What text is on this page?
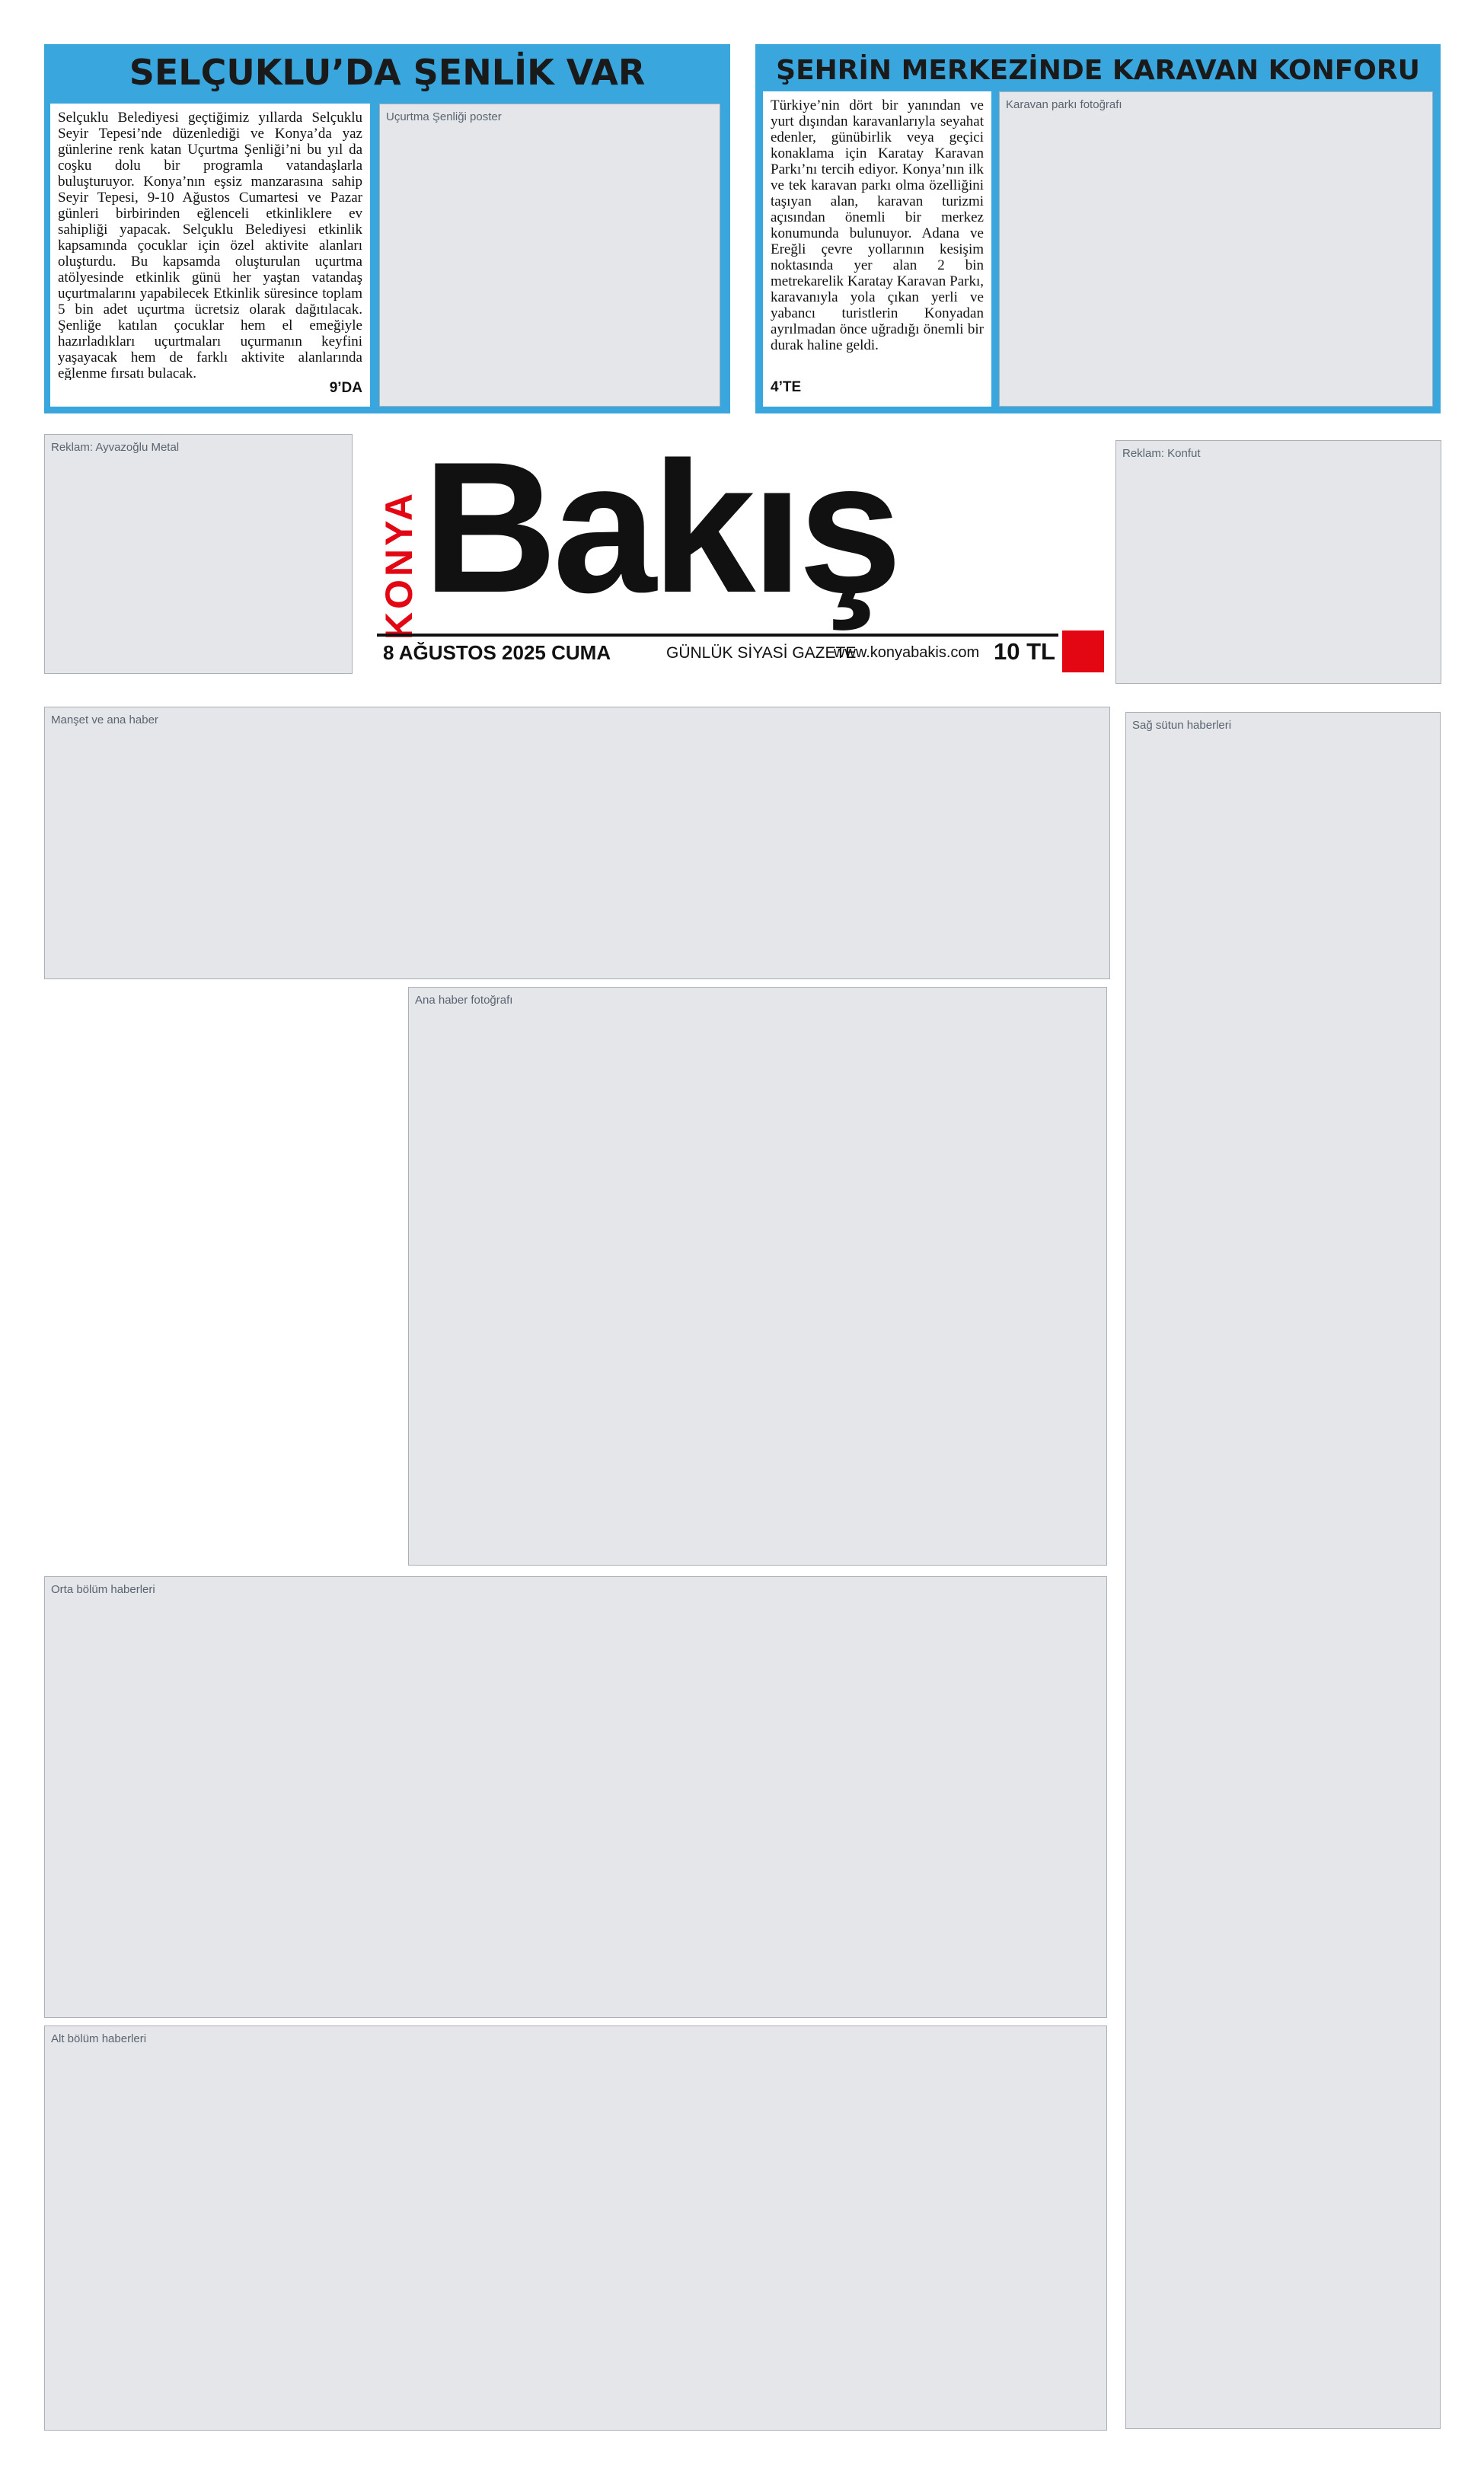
SELÇUKLU’DA ŞENLİK VAR
Selçuklu Belediyesi geçtiğimiz yıllarda Selçuklu Seyir Tepesi’nde düzenlediği ve Konya’da yaz günlerine renk katan Uçurtma Şenliği’ni bu yıl da coşku dolu bir programla vatandaşlarla buluşturuyor. Konya’nın eşsiz manzarasına sahip Seyir Tepesi, 9-10 Ağustos Cumartesi ve Pazar günleri birbirinden eğlenceli etkinliklere ev sahipliği yapacak. Selçuklu Belediyesi etkinlik kapsamında çocuklar için özel aktivite alanları oluşturdu. Bu kapsamda oluşturulan uçurtma atölyesinde etkinlik günü her yaştan vatandaş uçurtmalarını yapabilecek Etkinlik süresince toplam 5 bin adet uçurtma ücretsiz olarak dağıtılacak. Şenliğe katılan çocuklar hem el emeğiyle hazırladıkları uçurtmaları uçurmanın keyfini yaşayacak hem de farklı aktivite alanlarında eğlenme fırsatı bulacak.
9’DA
Uçurtma Şenliği poster
ŞEHRİN MERKEZİNDE KARAVAN KONFORU
Türkiye’nin dört bir yanından ve yurt dışından karavanlarıyla seyahat edenler, günübirlik veya geçici konaklama için Karatay Karavan Parkı’nı tercih ediyor. Konya’nın ilk ve tek karavan parkı olma özelliğini taşıyan alan, karavan turizmi açısından önemli bir merkez konumunda bulunuyor. Adana ve Ereğli çevre yollarının kesişim noktasında yer alan 2 bin metrekarelik Karatay Karavan Parkı, karavanıyla yola çıkan yerli ve yabancı turistlerin Konyadan ayrılmadan önce uğradığı önemli bir durak haline geldi.
4’TE
Karavan parkı fotoğrafı
Reklam: Ayvazoğlu Metal
KONYA Bakış
8 AĞUSTOS 2025 CUMA	GÜNLÜK SİYASİ GAZETE
www.konyabakis.com 10 TL
Reklam: Konfut
Manşet ve ana haber
Ana haber fotoğrafı
Sağ sütun haberleri
Orta bölüm haberleri
Alt bölüm haberleri
